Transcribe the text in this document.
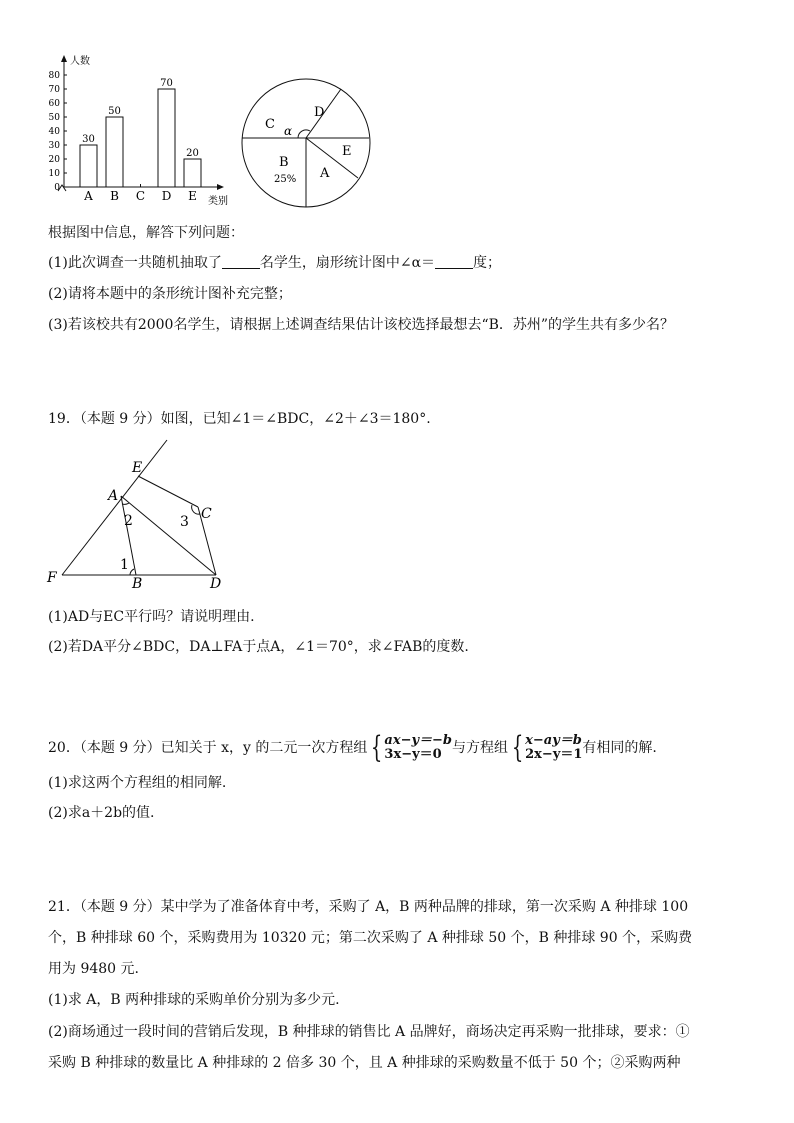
80
70
60
50
40
30
20
10
0
30
A
50
B C
70
D
20
E
人数
类别
D
C α
E
B
25% A
根据图中信息，解答下列问题：
(1)此次调查一共随机抽取了	名学生，扇形统计图中∠α＝	度；
(2)请将本题中的条形统计图补充完整；
(3)若该校共有2000名学生，请根据上述调查结果估计该校选择最想去“B．苏州”的学生共有多少名？
19．（本题 9 分）如图，已知∠1＝∠BDC，∠2＋∠3＝180°.
E
A
C
F	B	D
1
2	3
(1)AD与EC平行吗？请说明理由.
(2)若DA平分∠BDC，DA⊥FA于点A，∠1＝70°，求∠FAB的度数.
20．（本题 9 分）已知关于 x，y 的二元一次方程组 { ax−y＝−b
3x−y＝0 与方程组 { x−ay＝b
2x−y＝1 有相同的解.
(1)求这两个方程组的相同解.
(2)求a＋2b的值.
21．（本题 9 分）某中学为了准备体育中考，采购了 A，B 两种品牌的排球，第一次采购 A 种排球 100
个，B 种排球 60 个，采购费用为 10320 元；第二次采购了 A 种排球 50 个，B 种排球 90 个，采购费
用为 9480 元.
(1)求 A，B 两种排球的采购单价分别为多少元.
(2)商场通过一段时间的营销后发现，B 种排球的销售比 A 品牌好，商场决定再采购一批排球，要求：①
采购 B 种排球的数量比 A 种排球的 2 倍多 30 个，且 A 种排球的采购数量不低于 50 个；②采购两种
